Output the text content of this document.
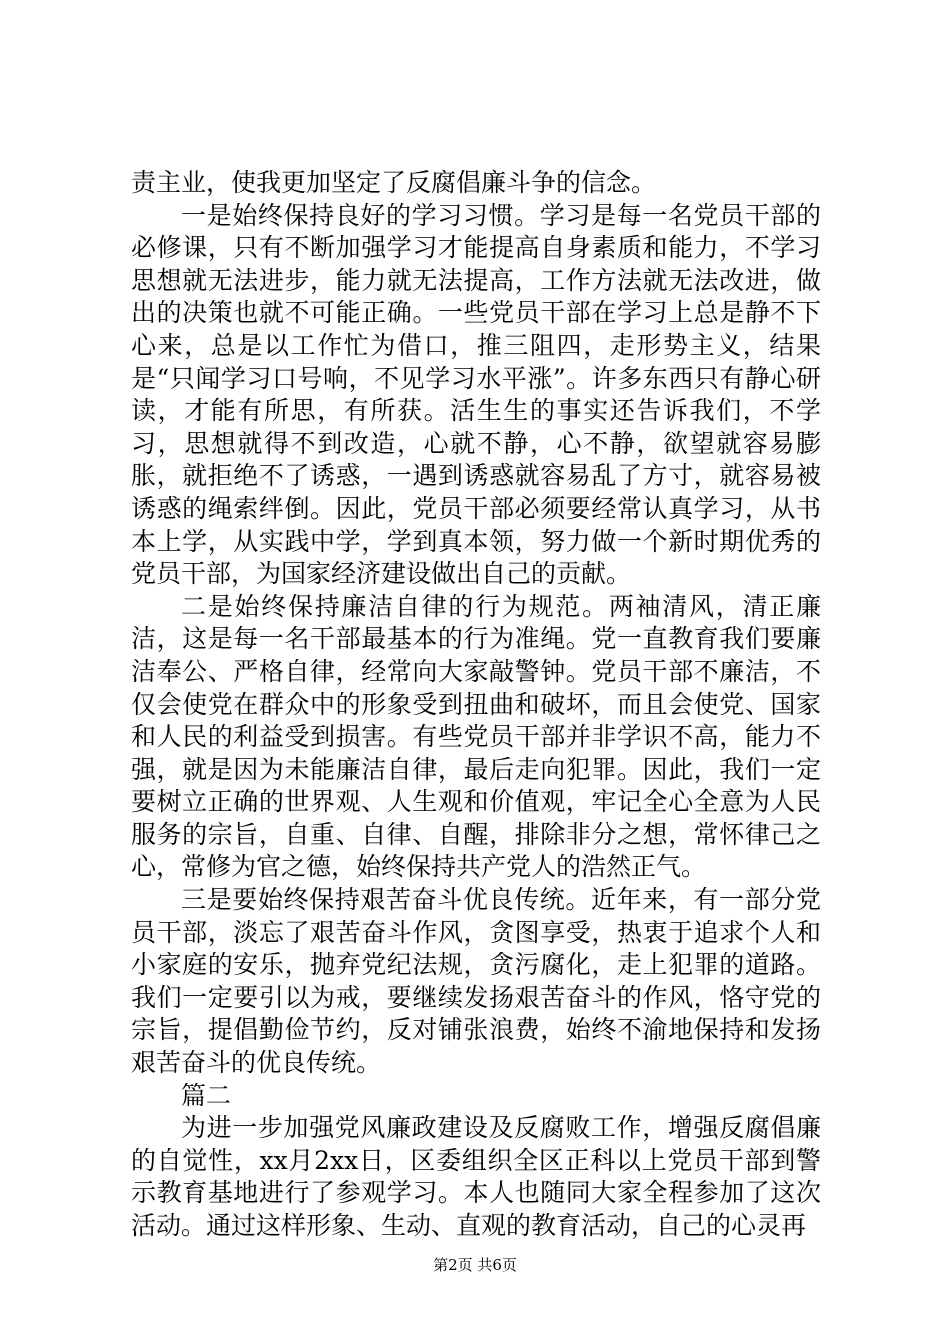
责主业，使我更加坚定了反腐倡廉斗争的信念。

一是始终保持良好的学习习惯。学习是每一名党员干部的必修课，只有不断加强学习才能提高自身素质和能力，不学习思想就无法进步，能力就无法提高，工作方法就无法改进，做出的决策也就不可能正确。一些党员干部在学习上总是静不下心来，总是以工作忙为借口，推三阻四，走形势主义，结果是“只闻学习口号响，不见学习水平涨”。许多东西只有静心研读，才能有所思，有所获。活生生的事实还告诉我们，不学习，思想就得不到改造，心就不静，心不静，欲望就容易膨胀，就拒绝不了诱惑，一遇到诱惑就容易乱了方寸，就容易被诱惑的绳索绊倒。因此，党员干部必须要经常认真学习，从书本上学，从实践中学，学到真本领，努力做一个新时期优秀的党员干部，为国家经济建设做出自己的贡献。

二是始终保持廉洁自律的行为规范。两袖清风，清正廉洁，这是每一名干部最基本的行为准绳。党一直教育我们要廉洁奉公、严格自律，经常向大家敲警钟。党员干部不廉洁，不仅会使党在群众中的形象受到扭曲和破坏，而且会使党、国家和人民的利益受到损害。有些党员干部并非学识不高，能力不强，就是因为未能廉洁自律，最后走向犯罪。因此，我们一定要树立正确的世界观、人生观和价值观，牢记全心全意为人民服务的宗旨，自重、自律、自醒，排除非分之想，常怀律己之心，常修为官之德，始终保持共产党人的浩然正气。

三是要始终保持艰苦奋斗优良传统。近年来，有一部分党员干部，淡忘了艰苦奋斗作风，贪图享受，热衷于追求个人和小家庭的安乐，抛弃党纪法规，贪污腐化，走上犯罪的道路。我们一定要引以为戒，要继续发扬艰苦奋斗的作风，恪守党的宗旨，提倡勤俭节约，反对铺张浪费，始终不渝地保持和发扬艰苦奋斗的优良传统。

篇二

为进一步加强党风廉政建设及反腐败工作，增强反腐倡廉的自觉性，xx月2xx日，区委组织全区正科以上党员干部到警示教育基地进行了参观学习。本人也随同大家全程参加了这次活动。通过这样形象、生动、直观的教育活动，自己的心灵再

第2页 共6页
